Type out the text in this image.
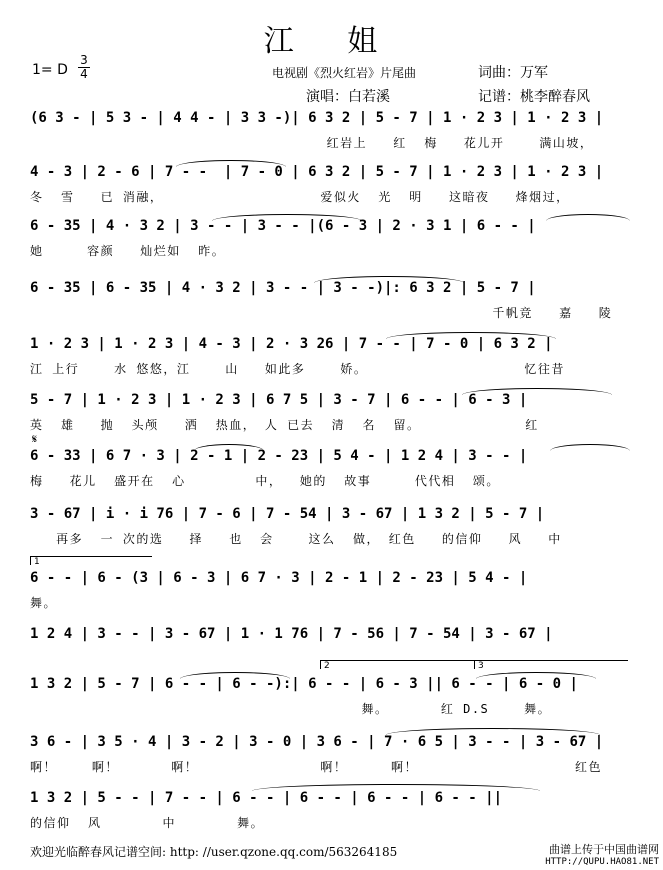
江 姐
1= D
3
4	电视剧《烈火红岩》片尾曲	词曲：万军
演唱：白若溪	记谱：桃李醉春风
(6 3 - | 5 3 - | 4 4 - | 3 3 -)| 6 3 2 | 5 - 7 | 1 · 2 3 | 1 · 2 3 |
红岩上   红  梅   花儿开    满山坡，
4 - 3 | 2 - 6 | 7 - -  | 7 - 0 | 6 3 2 | 5 - 7 | 1 · 2 3 | 1 · 2 3 |
冬  雪   已 消融，                  爱似火  光  明   这暗夜   烽烟过，
6 - 35 | 4 · 3 2 | 3 - - | 3 - - |(6 - 3 | 2 · 3 1 | 6 - - |
她     容颜   灿烂如  昨。
6 - 35 | 6 - 35 | 4 · 3 2 | 3 - - | 3 - -)|: 6 3 2 | 5 - 7 |
千帆竞   嘉   陵
1 · 2 3 | 1 · 2 3 | 4 - 3 | 2 · 3 26 | 7 - - | 7 - 0 | 6 3 2 |
江 上行    水 悠悠，江    山   如此多    娇。                  忆往昔
5 - 7 | 1 · 2 3 | 1 · 2 3 | 6 7 5 | 3 - 7 | 6 - - | 6 - 3 |
英  雄   抛  头颅   洒  热血， 人 已去  清  名  留。            红
𝄋
6 - 33 | 6 7 · 3 | 2 - 1 | 2 - 23 | 5 4 - | 1 2 4 | 3 - - |
梅   花儿  盛开在  心        中，  她的  故事     代代相  颂。
3 - 67 | i · i 76 | 7 - 6 | 7 - 54 | 3 - 67 | 1 3 2 | 5 - 7 |
再多  一 次的选   择   也  会    这么  做， 红色   的信仰   风   中
1
6 - - | 6 - (3 | 6 - 3 | 6 7 · 3 | 2 - 1 | 2 - 23 | 5 4 - |
舞。
1 2 4 | 3 - - | 3 - 67 | 1 · 1 76 | 7 - 56 | 7 - 54 | 3 - 67 |
2	3
1 3 2 | 5 - 7 | 6 - - | 6 - -):| 6 - - | 6 - 3 || 6 - - | 6 - 0 |
舞。      红 D.S    舞。
3 6 - | 3 5 · 4 | 3 - 2 | 3 - 0 | 3 6 - | 7 · 6 5 | 3 - - | 3 - 67 |
啊！    啊！      啊！              啊！     啊！                  红色
1 3 2 | 5 - - | 7 - - | 6 - - | 6 - - | 6 - - | 6 - - ||
的信仰  风       中       舞。
欢迎光临醉春风记谱空间: http: //user.qzone.qq.com/563264185	曲谱上传于中国曲谱网
HTTP://QUPU.HAO81.NET
